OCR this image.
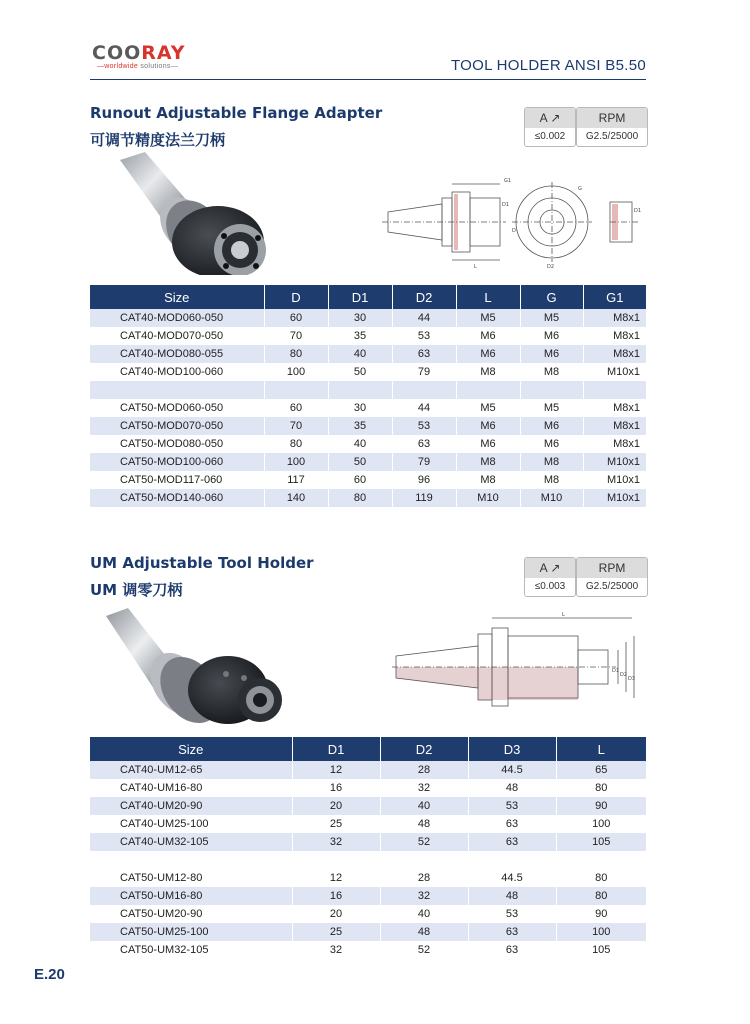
COORAY
—worldwide solutions—	TOOL HOLDER ANSI B5.50
Runout Adjustable Flange Adapter
可调节精度法兰刀柄
A ↗
≤0.002
RPM
G2.5/25000
G1
L
D1
D
D2
G
D1
Size	D	D1	D2	L	G	G1
CAT40-MOD060-050	60	30	44	M5	M5	M8x1
CAT40-MOD070-050	70	35	53	M6	M6	M8x1
CAT40-MOD080-055	80	40	63	M6	M6	M8x1
CAT40-MOD100-060	100	50	79	M8	M8	M10x1

CAT50-MOD060-050	60	30	44	M5	M5	M8x1
CAT50-MOD070-050	70	35	53	M6	M6	M8x1
CAT50-MOD080-050	80	40	63	M6	M6	M8x1
CAT50-MOD100-060	100	50	79	M8	M8	M10x1
CAT50-MOD117-060	117	60	96	M8	M8	M10x1
CAT50-MOD140-060	140	80	119	M10	M10	M10x1
UM Adjustable Tool Holder
UM 调零刀柄
A ↗
≤0.003
RPM
G2.5/25000
L
D1
D2
D3
Size	D1	D2	D3	L
CAT40-UM12-65	12	28	44.5	65
CAT40-UM16-80	16	32	48	80
CAT40-UM20-90	20	40	53	90
CAT40-UM25-100	25	48	63	100
CAT40-UM32-105	32	52	63	105

CAT50-UM12-80	12	28	44.5	80
CAT50-UM16-80	16	32	48	80
CAT50-UM20-90	20	40	53	90
CAT50-UM25-100	25	48	63	100
CAT50-UM32-105	32	52	63	105
E.20
